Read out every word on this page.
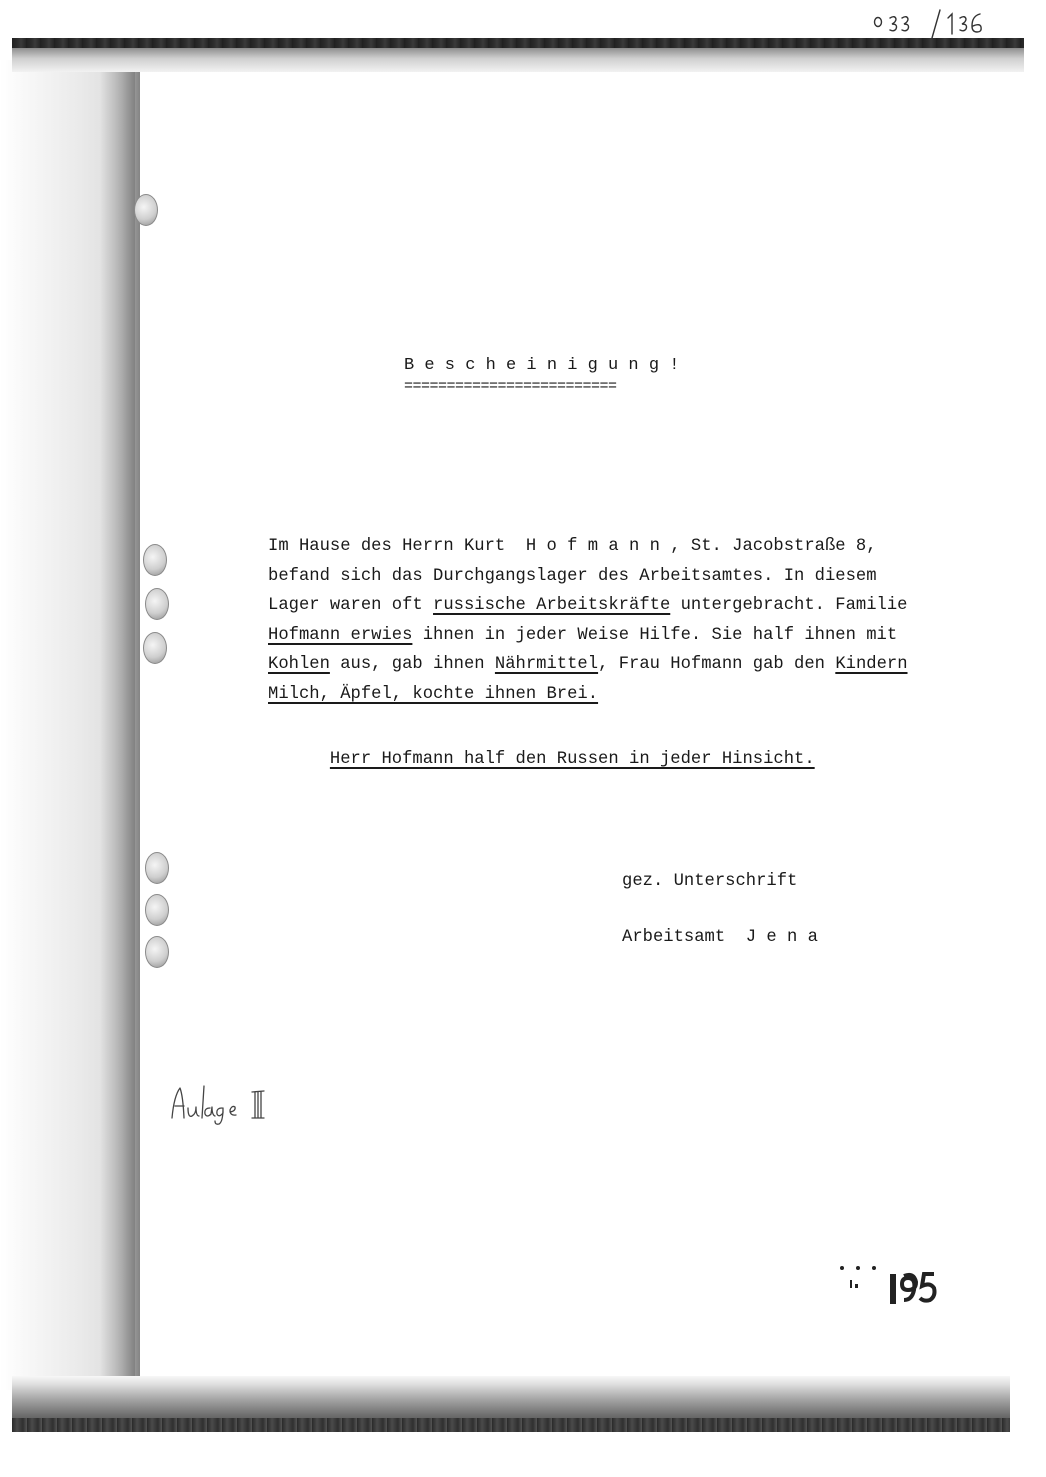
B e s c h e i n i g u n g !
=========================
Im Hause des Herrn Kurt  H o f m a n n , St. Jacobstraße 8,
befand sich das Durchgangslager des Arbeitsamtes. In diesem
Lager waren oft russische Arbeitskräfte untergebracht. Familie
Hofmann erwies ihnen in jeder Weise Hilfe. Sie half ihnen mit
Kohlen aus, gab ihnen Nährmittel, Frau Hofmann gab den Kindern
Milch, Äpfel, kochte ihnen Brei.

Herr Hofmann half den Russen in jeder Hinsicht.

gez. Unterschrift
Arbeitsamt  J e n a
